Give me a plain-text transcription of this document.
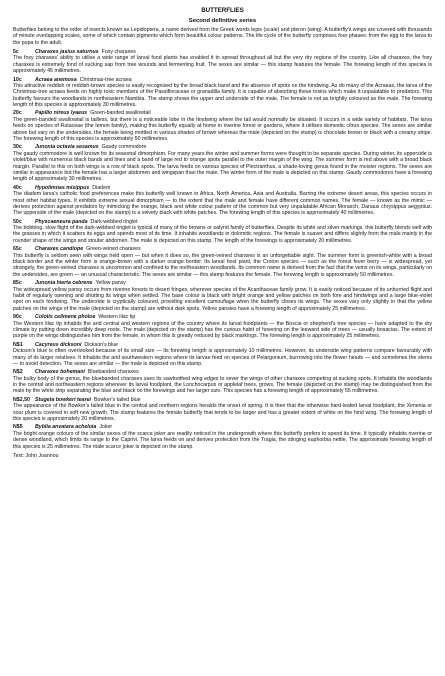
BUTTERFLIES

Second definitive series

Butterflies belong to the order of insects known as Lepidoptera, a name derived from the Greek words lepis (scale) and pteron (wing). A butterfly's wings are covered with thousands of minute overlapping scales, some of which contain pigments which form beautiful colour patterns. The life cycle of the butterfly comprises four phases: from the egg to the larva to the pupa to the adult.

5c	Charaxes jasius saturnus Foxy charaxes

The foxy charaxes' ability to utilise a wide range of larval food plants has enabled it to spread throughout all but the very dry regions of the country. Like all charaxes, the foxy charaxes is extremely fond of sucking sap from tree wounds and fermenting fruit. The sexes are similar — this stamp features the female. The forewing length of this species is approximately 45 millimetres.

10c	Acraea anemosa Christmas-tree acraea

This attractive reddish or reddish-brown species is easily recognised by the broad black band and the absence of spots on the hindwing. As do many of the Acraeas, the larva of the Christmas-tree acraea feeds on highly toxic members of the Passifloraceae or granadilla family. It is capable of absorbing these toxins which make it unpalatable to predators. This butterfly favours the woodlands in northeastern Namibia. The stamp shows the upper and underside of the male. The female is not as brightly coloured as the male. The forewing length of this species is approximately 30 millimetres.

20c	Papilio nireus lyaeus Green-banded swallowtail

The green-banded swallowtail is tailless, but there is a noticeable lobe in the hindwing where the tail would normally be situated. It occurs in a wide variety of habitats. The larva feeds on species of Rutaceae (the lemon family), making this butterfly equally at home in riverine forest or gardens, where it utilises domestic citrus species. The sexes are similar above but vary on the undersides, the female being mottled in various shades of brown whereas the male (depicted on the stamp) is chocolate brown or black with a creamy stripe. The forewing length of this species is approximately 50 millimetres.

30c	Junonia octavia sesamus Gaudy commodore

The gaudy commodore is well known for its seasonal dimorphism. For many years the winter and summer forms were thought to be separate species. During winter, its upperside is violet/blue with numerous black bands and lines and a band of large red to orange spots parallel to the outer margin of the wing. The summer form is red above with a broad black margin. Parallel to this on both wings is a row of black spots. The larva feeds on various species of Plectranthus, a shade-loving genus found in the moister regions. The sexes are similar in appearance but the female has a larger abdomen and wingspan than the male. The winter form of the male is depicted on this stamp. Gaudy commodores have a forewing length of approximately 30 millimetres.

40c	Hypolimnas misippus Diadem

The diadem larva's catholic food preferences make this butterfly well known in Africa, North America, Asia and Australia. Barring the extreme desert areas, this species occurs in most other habitat types. It exhibits extreme sexual dimorphism — to the extent that the male and female have different common names. The female — known as the mimic —derives protection against predators by mimicking the orange, black and white colour pattern of the common but very unpalatable African Monarch, Danaus chrysippus aegyptius. The upperside of the male (depicted on the stamp) is a velvety black with white patches. The forewing length of this species is approximately 40 millimetres.

50c	Physcaeneura panda Dark-webbed ringlet

The bobbing, slow flight of the dark-webbed ringlet is typical of many of the browns or satyrid family of butterflies. Despite its white and silver markings, this butterfly blends well with the grasses in which it scatters its eggs and spends most of its time. It inhabits woodlands in dolomitic regions. The female is suaver and differs slightly from the male mainly in the rounder shape of the wings and stouter abdomen. The male is depicted on this stamp. The length of the forewings is approximately 20 millimetres.

65c	Charaxes candiope Green-veined charaxes

This butterfly is seldom seen with wings held open — but when it does so, the green-veined charaxes is an unforgettable sight. The summer form is greenish-white with a broad black border and the winter form is orange-brown with a darker orange border. Its larval host plant, the Croton species — such as the forest fever berry — is widespread, yet strangely, the green-veined charaxes is uncommon and confined to the northeastern woodlands. Its common name is derived from the fact that the veins on its wings, particularly on the undersides, are green — an unusual characteristic. The sexes are similar — this stamp features the female. The forewing length is approximately 50 millimetres.

85c	Junonia hierta cebrene Yellow pansy

The widespread yellow pansy occurs from riverine forests to desert fringes, wherever species of the Acanthaceae family grow. It is easily noticed because of its unhurried flight and habit of regularly opening and shutting its wings when settled. The base colour is black with bright orange and yellow patches on both fore and hindwings and a large blue-violet spot on each hindwing. The underside is cryptically coloured, providing excellent camouflage when the butterfly closes its wings. The sexes vary only slightly in that the yellow patches on the wings of the male (depicted on the stamp) are without dark spots. Yellow pansies have a forewing length of approximately 25 millimetres.

90c	Colotis celimene pholoe Western lilac tip

The Western lilac tip inhabits the arid central and western regions of the country where its larval foodplants — the Boscia or shepherd's tree species — have adapted to the dry climate by putting down incredibly deep roots. The male (depicted on the stamp) has the curious habit of hovering on the leeward side of trees — usually bosacias. The extent of purple on the wings distinguishes him from the female, in whom this is greatly reduced by black markings. The forewing length is approximately 25 millimetres.

N$1 Cacyreus dicksoni Dickson's blue

Dickson's blue is often overlooked because of its small size — its forewing length is approximately 10 millimetres. However, its underside wing patterns compare favourably with many of its larger relatives. It inhabits the arid southwestern regions where its larvae feed on species of Pelargonium, burrowing into the flower heads — and sometimes the stems — to avoid detection. The sexes are similar — the male is depicted on this stamp.

N$2 Charaxes bohemani Bluebanded charaxes

The bulky body of the genus, the bluebanded charaxes uses its sawtoothed wing edges to sever the wings of other charaxes competing at sucking spots. It inhabits the woodlands in the central and northeastern regions wherever its larval foodplant, the Lonchocarpus or applelaf trees, grows. The female (depicted on the stamp) may be distinguished from the male by the white strip separating the blue and black on the forewings and her larger size. This species has a forewing length of approximately 55 millimetres.

N$2,50 Stugeta bowkeri tearei Bowker's tailed blue

The appearance of the Bowker's tailed blue in the central and northern regions heralds the onset of spring. It is then that the otherwise hard-leafed larval foodplant, the Ximenia or sour plum is covered in soft new growth. The stamp features the female butterfly that tends to be larger and has a greater extent of white on the hind wing. The forewing length of this species is approximately 20 millimetres.

N$5 Byblia anvatara acheloia Joker

The bright orange colours of the similar sexes of the scarce joker are readily noticed in the undergrowth where this butterfly prefers to spend its time. It typically inhabits riverine or dense woodland, which limits its range to the Caprivi. The larva feeds on and derives protection from the Tragia, the stinging euphorbia nettle. The approximate forewing length of this species is 25 millimetres. The male scarce joker is depicted on the stamp.

Text: John Joannou
